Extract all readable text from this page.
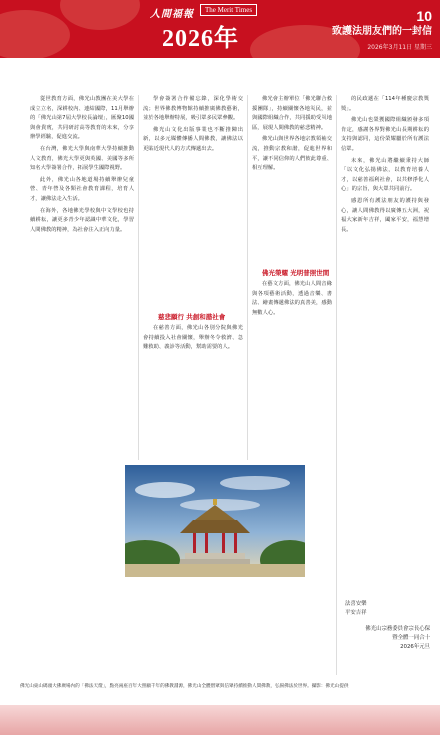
人間福報	The Merit Times
2026年
10
致護法朋友們的一封信
2026年3月11日 星期三

從世教育方面，佛光山教團在美大學在成立立名，深耕校內、連結國際，11月舉辦的「佛光山第7屆大學校長論壇」，匯聚10國與會貴賓，共同研討高等教育的未來，分享辦學經驗，促進交流。

在台灣，佛光大學與南華大學持續推動人文教育，佛光大學更與英國、美國等多所知名大學簽署合作，拓展學生國際視野。

此外，佛光山各地道場持續舉辦兒童營、青年營及各類社會教育課程，培育人才，讓佛法走入生活。

在海外，各地佛光學校與中文學校也持續耕耘，讓更多青少年認識中華文化，學習人間佛教的精神，為社會注入正向力量。

學會簽署合作備忘錄，深化學術交流；世界佛教博物館持續推廣佛教藝術，並於各地舉辦特展，吸引眾多民眾參觀。

佛光山文化出版事業也不斷推陳出新，以多元媒體傳播人間佛教，讓佛法以更貼近現代人的方式傳遞出去。

慈悲願行 共創和諧社會

在慈善方面，佛光山各別分院與佛光會持續投入社會關懷，舉辦冬令救濟、急難救助、義診等活動，幫助需要的人。

佛光會主辦單位「佛光聯合救援團隊」，持續關懷各地災民，並與國際組織合作，共同援助受災地區，展現人間佛教的慈悲精神。

佛光山與世界各地宗教領袖交流，推動宗教和諧，促進世界和平，讓不同信仰的人們彼此尊重、相互理解。

佛光榮耀 光明普照世間

在藝文方面，佛光山人間音緣與各項藝術活動，透過音樂、書法、繪畫傳遞佛法的真善美，感動無數人心。

的民政遞在「114年種慶宗教獎獎」。

佛光山也榮獲國際組織頒發多項肯定，感謝各界對佛光山長期耕耘的支持與認同，這份榮耀屬於所有護法信眾。

未來，佛光山將繼續秉持大師「以文化弘揚佛法，以教育培養人才，以慈善福利社會，以共修淨化人心」的宗旨，與大眾共同前行。

感恩所有護法朋友的護持與發心，讓人間佛教得以廣傳五大洲，祝福大家新年吉祥，闔家平安，福慧增長。

法喜安樂
平安吉祥
佛光山宗務委員會宗長心保
暨全體一同合十
2026年元旦
佛光山東山碼頭大佛廣場內的「佛法天燈」，點亮兩座百年大照顧千年的佛教淵源，佛光山全體僧眾與信眾持續推動人間佛教，弘揚佛法於世界。攝影：佛光山提供
